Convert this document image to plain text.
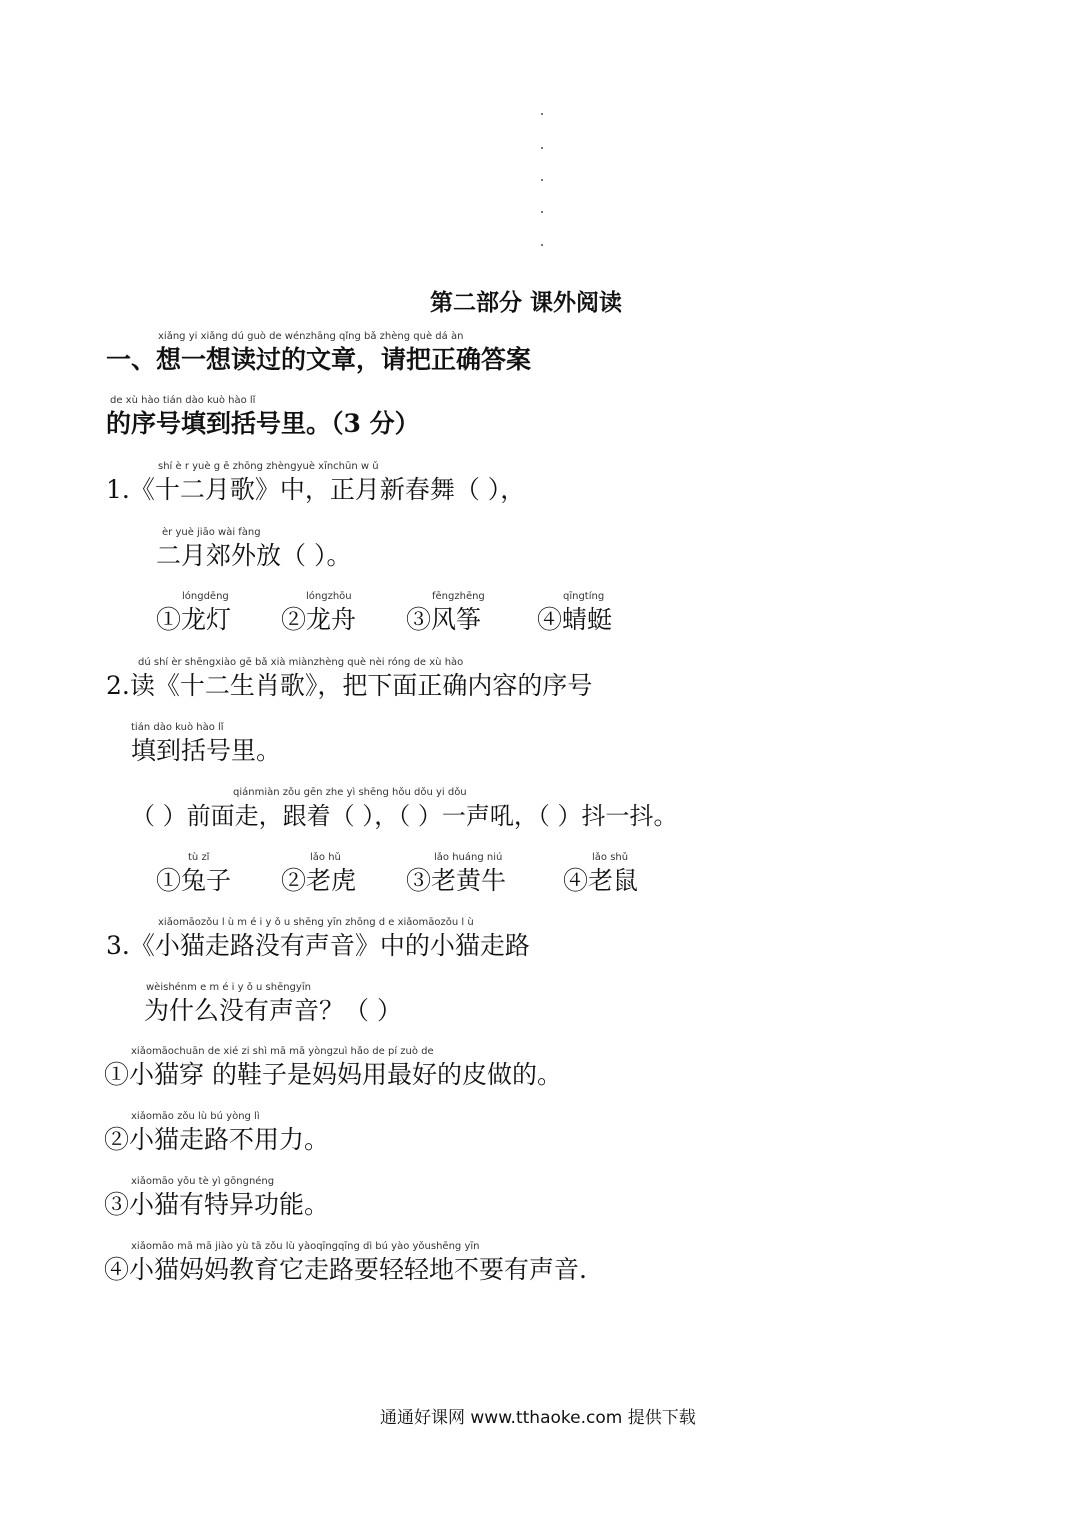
第二部分 课外阅读
xiǎng yi xiǎng dú guò de wénzhāng qǐng bǎ zhèng què dá àn
一、想一想读过的文章，请把正确答案
de xù hào tián dào kuò hào lǐ
的序号填到括号里。（3 分）
shí è r yuè g ē zhōng zhèngyuè xīnchūn w ǔ
1.《十二月歌》中，正月新春舞（ ），
èr yuè jiāo wài fàng
二月郊外放（ ）。
lóngdēng
①龙灯
lóngzhōu
②龙舟
fēngzhēng
③风筝
qīngtíng
④蜻蜓
dú shí èr shēngxiào gē bǎ xià miànzhèng què nèi róng de xù hào
2.读《十二生肖歌》，把下面正确内容的序号
tián dào kuò hào lǐ
填到括号里。
qiánmiàn zǒu gēn zhe yì shēng hǒu dǒu yi dǒu
（ ）前面走，跟着（ ），（ ）一声吼，（ ）抖一抖。
tù zǐ
①兔子
lǎo hǔ
②老虎
lǎo huáng niú
③老黄牛
lǎo shǔ
④老鼠
xiǎomāozǒu l ù m é i y ǒ u shēng yīn zhōng d e xiǎomāozǒu l ù
3.《小猫走路没有声音》中的小猫走路
wèishénm e m é i y ǒ u shēngyīn
为什么没有声音？（ ）
xiǎomāochuān de xié zi shì mā mā yòngzuì hǎo de pí zuò de
①小猫穿 的鞋子是妈妈用最好的皮做的。
xiǎomāo zǒu lù bú yòng lì
②小猫走路不用力。
xiǎomāo yǒu tè yì gōngnéng
③小猫有特异功能。
xiǎomāo mā mā jiào yù tā zǒu lù yàoqīngqīng dì bú yào yǒushēng yīn
④小猫妈妈教育它走路要轻轻地不要有声音.
通通好课网 www.tthaoke.com 提供下载
